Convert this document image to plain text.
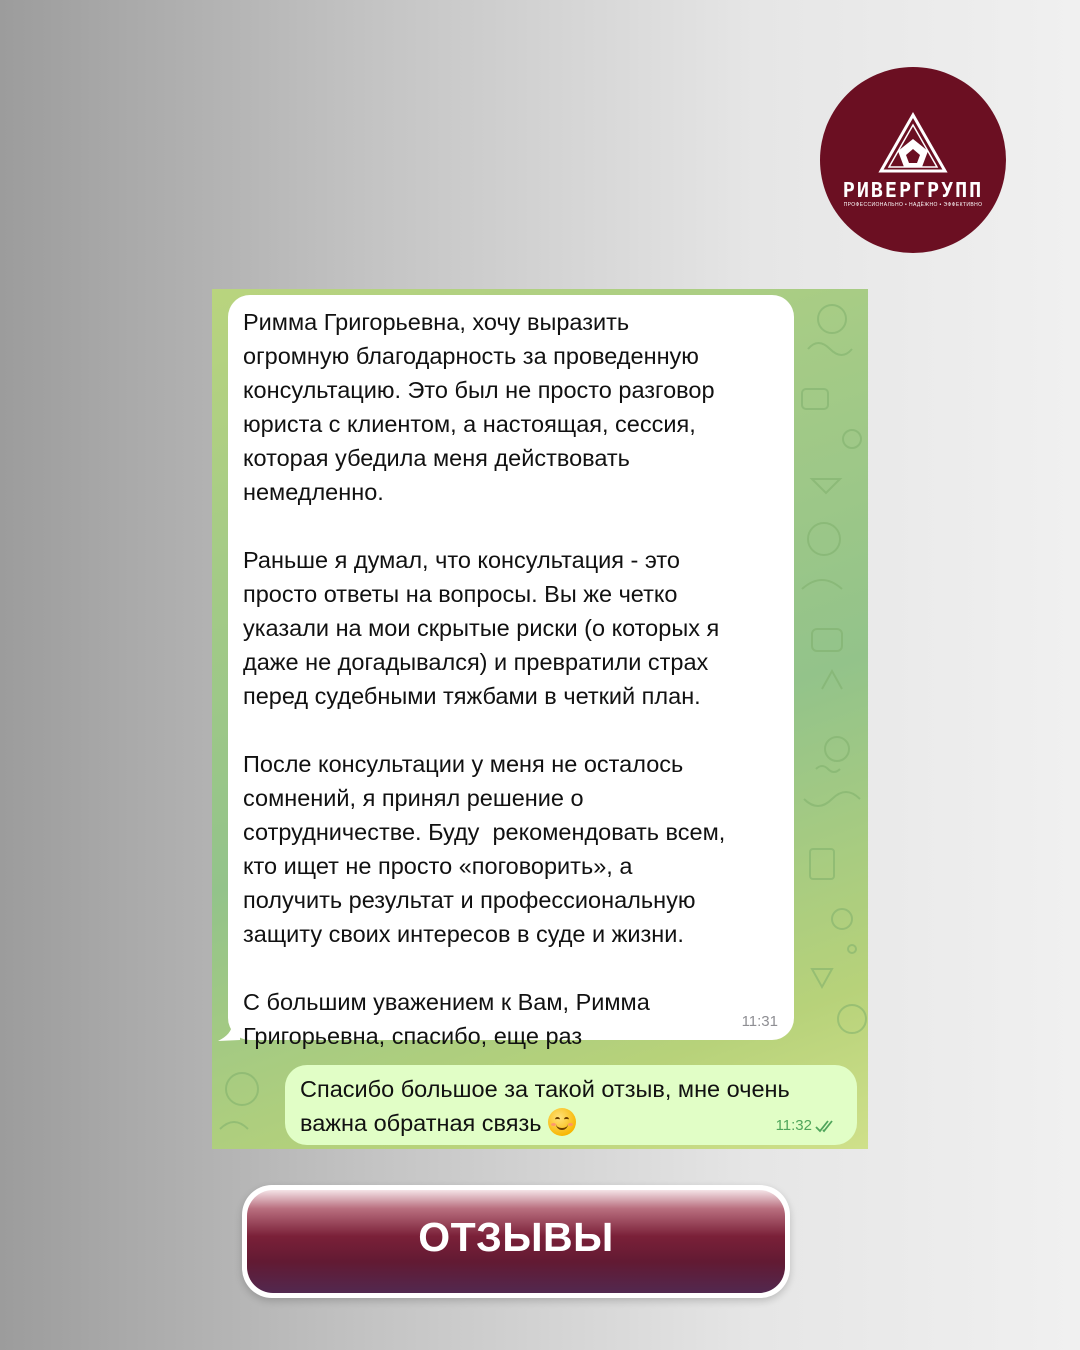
РИВЕРГРУПП
ПРОФЕССИОНАЛЬНО • НАДЁЖНО • ЭФФЕКТИВНО
Римма Григорьевна, хочу выразить
огромную благодарность за проведенную
консультацию. Это был не просто разговор
юриста с клиентом, а настоящая, сессия,
которая убедила меня действовать
немедленно.

Раньше я думал, что консультация - это
просто ответы на вопросы. Вы же четко
указали на мои скрытые риски (о которых я
даже не догадывался) и превратили страх
перед судебными тяжбами в четкий план.

После консультации у меня не осталось
сомнений, я принял решение о
сотрудничестве. Буду  рекомендовать всем,
кто ищет не просто «поговорить», а
получить результат и профессиональную
защиту своих интересов в суде и жизни.

С большим уважением к Вам, Римма
Григорьевна, спасибо, еще раз
11:31
Спасибо большое за такой отзыв, мне очень
важна обратная связь	11:32
ОТЗЫВЫ
